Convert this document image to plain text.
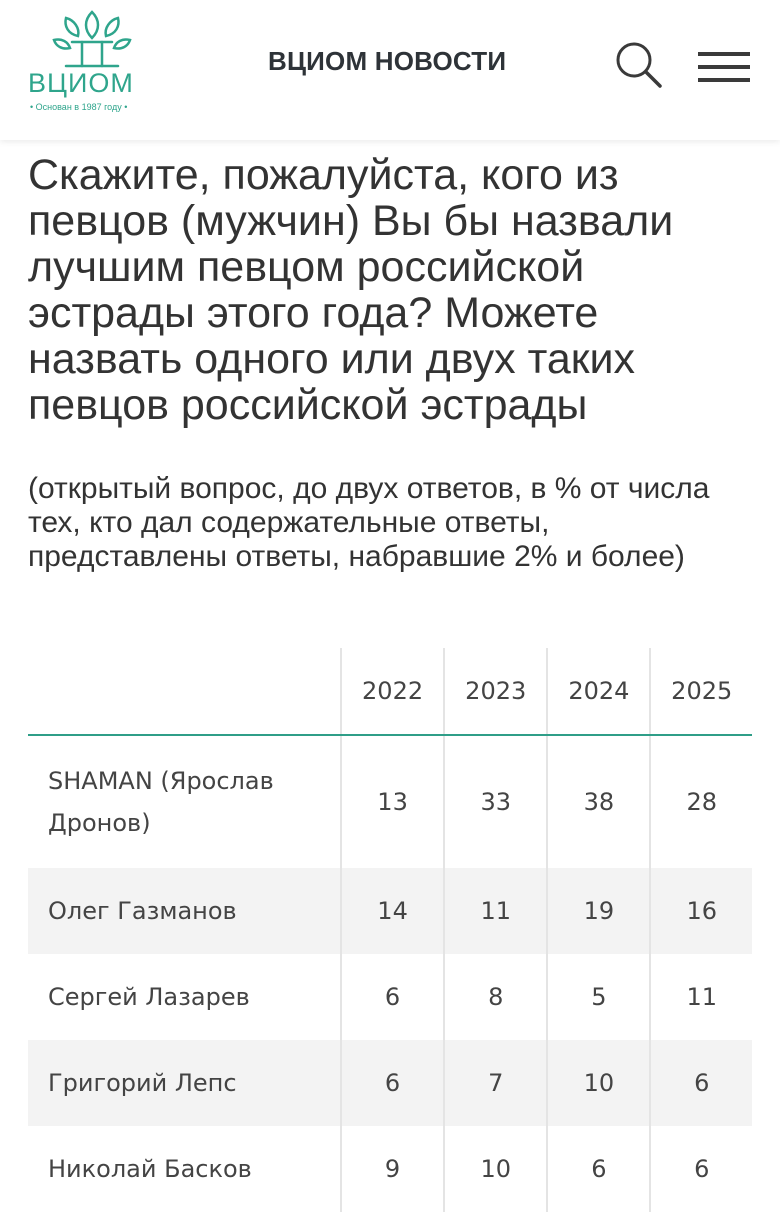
ВЦИОМ
• Основан в 1987 году •
ВЦИОМ НОВОСТИ
Скажите, пожалуйста, кого из певцов (мужчин) Вы бы назвали лучшим певцом российской эстрады этого года? Можете назвать одного или двух таких певцов российской эстрады

(открытый вопрос, до двух ответов, в % от числа тех, кто дал содержательные ответы, представлены ответы, набравшие 2% и более)

	2022	2023	2024	2025
SHAMAN (Ярослав Дронов)	13	33	38	28
Олег Газманов	14	11	19	16
Сергей Лазарев	6	8	5	11
Григорий Лепс	6	7	10	6
Николай Басков	9	10	6	6
